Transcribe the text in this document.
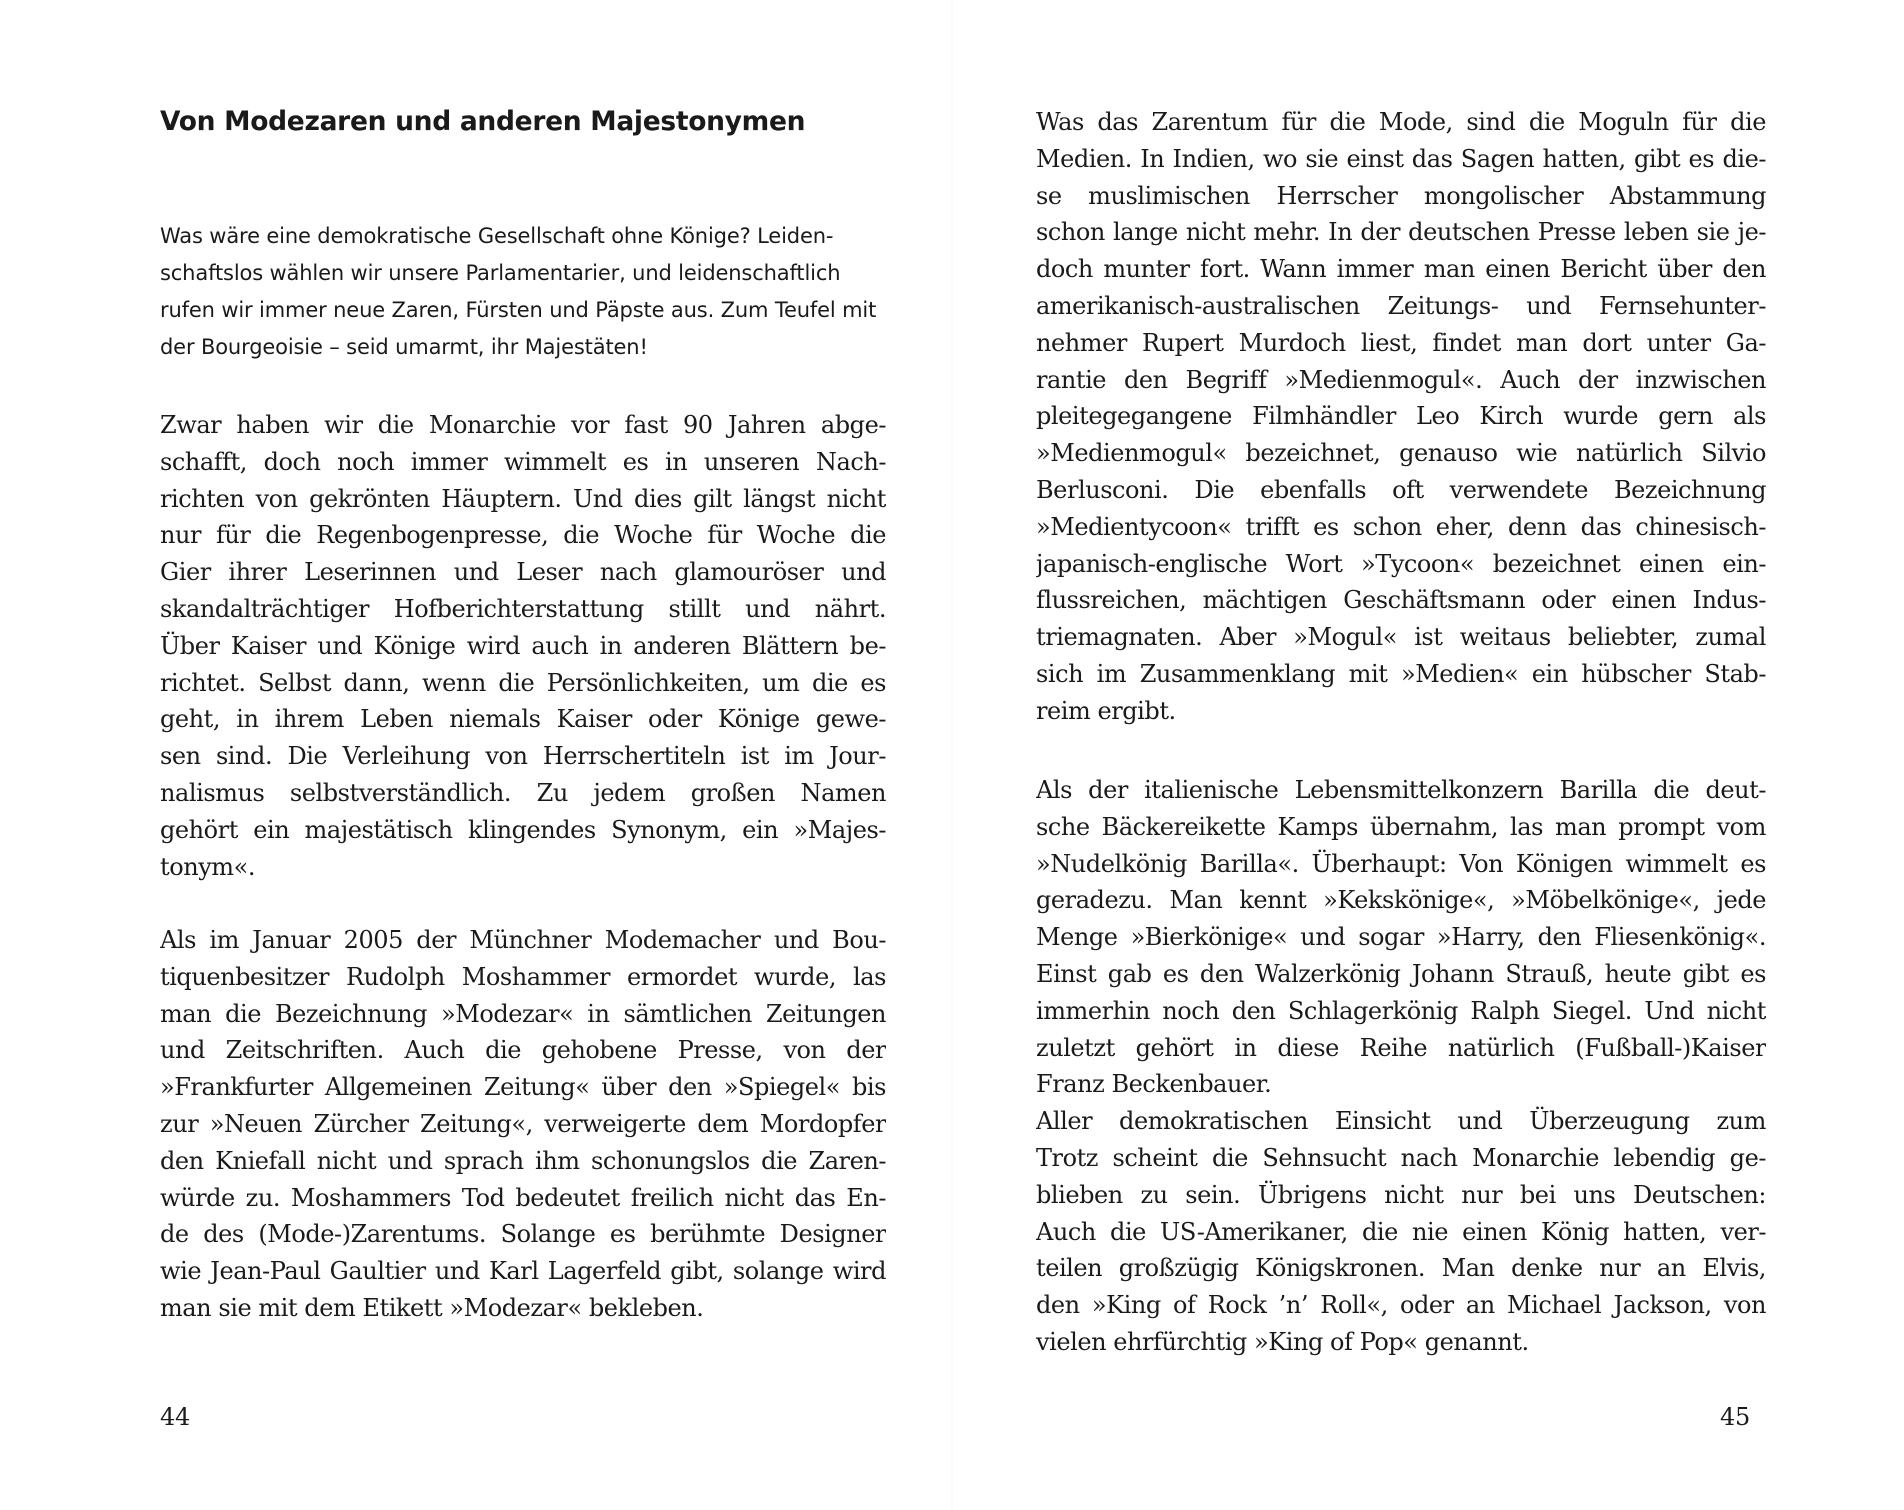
Von Modezaren und anderen Majestonymen

Was wäre eine demokratische Gesellschaft ohne Könige? Leiden-
schaftslos wählen wir unsere Parlamentarier, und leidenschaftlich
rufen wir immer neue Zaren, Fürsten und Päpste aus. Zum Teufel mit
der Bourgeoisie – seid umarmt, ihr Majestäten!

Zwar haben wir die Monarchie vor fast 90 Jahren abge-
schafft, doch noch immer wimmelt es in unseren Nach-
richten von gekrönten Häuptern. Und dies gilt längst nicht
nur für die Regenbogenpresse, die Woche für Woche die
Gier ihrer Leserinnen und Leser nach glamouröser und
skandalträchtiger Hofberichterstattung stillt und nährt.
Über Kaiser und Könige wird auch in anderen Blättern be-
richtet. Selbst dann, wenn die Persönlichkeiten, um die es
geht, in ihrem Leben niemals Kaiser oder Könige gewe-
sen sind. Die Verleihung von Herrschertiteln ist im Jour-
nalismus selbstverständlich. Zu jedem großen Namen
gehört ein majestätisch klingendes Synonym, ein »Majes-
tonym«.

Als im Januar 2005 der Münchner Modemacher und Bou-
tiquenbesitzer Rudolph Moshammer ermordet wurde, las
man die Bezeichnung »Modezar« in sämtlichen Zeitungen
und Zeitschriften. Auch die gehobene Presse, von der
»Frankfurter Allgemeinen Zeitung« über den »Spiegel« bis
zur »Neuen Zürcher Zeitung«, verweigerte dem Mordopfer
den Kniefall nicht und sprach ihm schonungslos die Zaren-
würde zu. Moshammers Tod bedeutet freilich nicht das En-
de des (Mode-)Zarentums. Solange es berühmte Designer
wie Jean-Paul Gaultier und Karl Lagerfeld gibt, solange wird
man sie mit dem Etikett »Modezar« bekleben.

44

Was das Zarentum für die Mode, sind die Moguln für die
Medien. In Indien, wo sie einst das Sagen hatten, gibt es die-
se muslimischen Herrscher mongolischer Abstammung
schon lange nicht mehr. In der deutschen Presse leben sie je-
doch munter fort. Wann immer man einen Bericht über den
amerikanisch-australischen Zeitungs- und Fernsehunter-
nehmer Rupert Murdoch liest, findet man dort unter Ga-
rantie den Begriff »Medienmogul«. Auch der inzwischen
pleitegegangene Filmhändler Leo Kirch wurde gern als
»Medienmogul« bezeichnet, genauso wie natürlich Silvio
Berlusconi. Die ebenfalls oft verwendete Bezeichnung
»Medientycoon« trifft es schon eher, denn das chinesisch-
japanisch-englische Wort »Tycoon« bezeichnet einen ein-
flussreichen, mächtigen Geschäftsmann oder einen Indus-
triemagnaten. Aber »Mogul« ist weitaus beliebter, zumal
sich im Zusammenklang mit »Medien« ein hübscher Stab-
reim ergibt.

Als der italienische Lebensmittelkonzern Barilla die deut-
sche Bäckereikette Kamps übernahm, las man prompt vom
»Nudelkönig Barilla«. Überhaupt: Von Königen wimmelt es
geradezu. Man kennt »Kekskönige«, »Möbelkönige«, jede
Menge »Bierkönige« und sogar »Harry, den Fliesenkönig«.
Einst gab es den Walzerkönig Johann Strauß, heute gibt es
immerhin noch den Schlagerkönig Ralph Siegel. Und nicht
zuletzt gehört in diese Reihe natürlich (Fußball-)Kaiser
Franz Beckenbauer.
Aller demokratischen Einsicht und Überzeugung zum
Trotz scheint die Sehnsucht nach Monarchie lebendig ge-
blieben zu sein. Übrigens nicht nur bei uns Deutschen:
Auch die US-Amerikaner, die nie einen König hatten, ver-
teilen großzügig Königskronen. Man denke nur an Elvis,
den »King of Rock ’n’ Roll«, oder an Michael Jackson, von
vielen ehrfürchtig »King of Pop« genannt.

45
